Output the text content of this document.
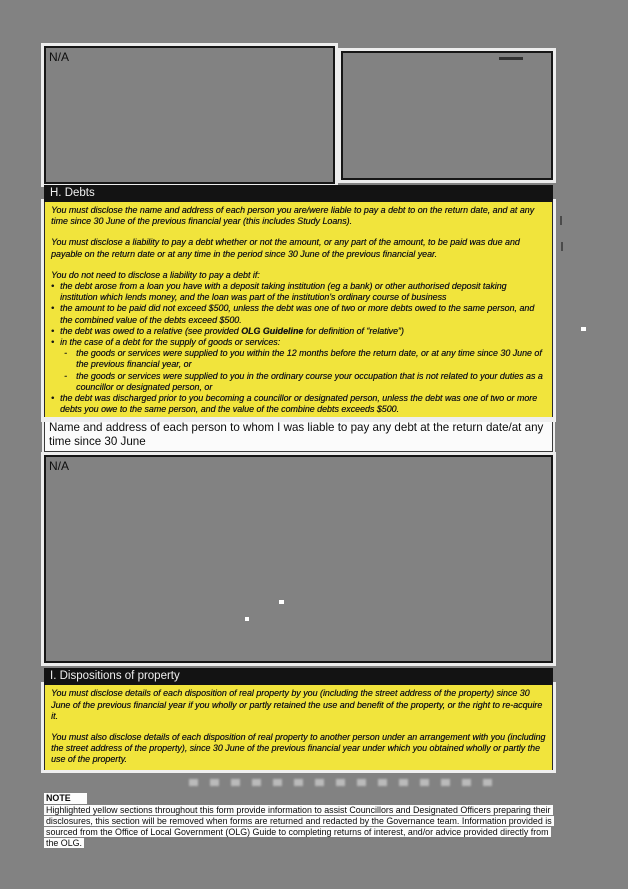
N/A
H. Debts

You must disclose the name and address of each person you are/were liable to pay a debt to on the return date, and at any time since 30 June of the previous financial year (this includes Study Loans).

You must disclose a liability to pay a debt whether or not the amount, or any part of the amount, to be paid was due and payable on the return date or at any time in the period since 30 June of the previous financial year.

You do not need to disclose a liability to pay a debt if:

• the debt arose from a loan you have with a deposit taking institution (eg a bank) or other authorised deposit taking institution which lends money, and the loan was part of the institution's ordinary course of business
• the amount to be paid did not exceed $500, unless the debt was one of two or more debts owed to the same person, and the combined value of the debts exceed $500.
• the debt was owed to a relative (see provided OLG Guideline for definition of “relative”)
• in the case of a debt for the supply of goods or services:
-	the goods or services were supplied to you within the 12 months before the return date, or at any time since 30 June of the previous financial year, or
-	the goods or services were supplied to you in the ordinary course your occupation that is not related to your duties as a councillor or designated person, or
• the debt was discharged prior to you becoming a councillor or designated person, unless the debt was one of two or more debts you owe to the same person, and the value of the combine debts exceeds $500.
Name and address of each person to whom I was liable to pay any debt at the return date/at any time since 30 June
N/A
I. Dispositions of property

You must disclose details of each disposition of real property by you (including the street address of the property) since 30 June of the previous financial year if you wholly or partly retained the use and benefit of the property, or the right to re-acquire it.

You must also disclose details of each disposition of real property to another person under an arrangement with you (including the street address of the property), since 30 June of the previous financial year under which you obtained wholly or partly the use of the property.

NOTE
Highlighted yellow sections throughout this form provide information to assist Councillors and Designated Officers preparing their disclosures, this section will be removed when forms are returned and redacted by the Governance team. Information provided is sourced from the Office of Local Government (OLG) Guide to completing returns of interest, and/or advice provided directly from the OLG.
